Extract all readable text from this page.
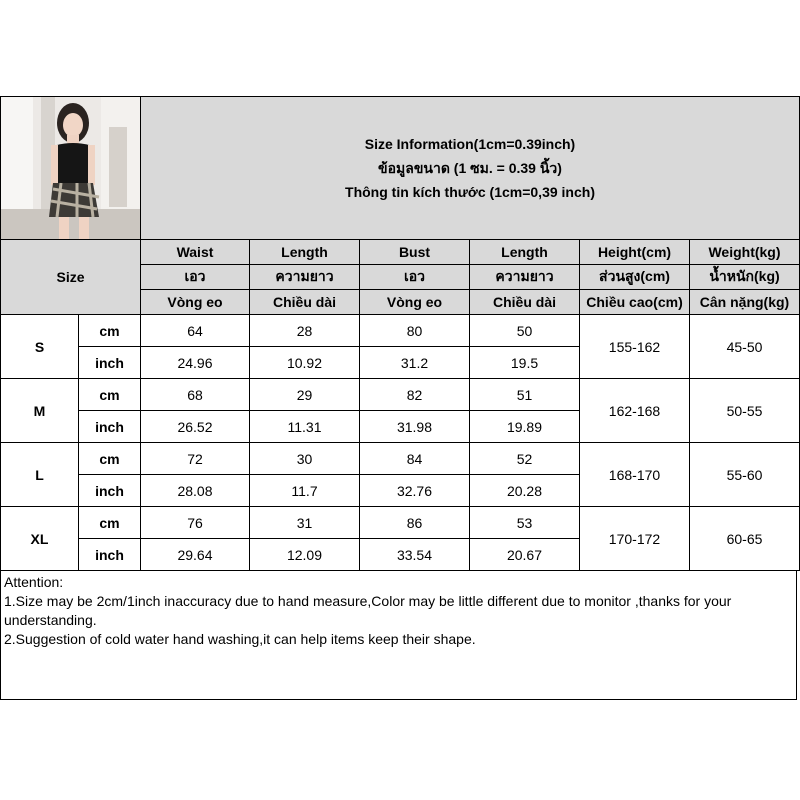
Size Information(1cm=0.39inch)
ข้อมูลขนาด (1 ซม. = 0.39 นิ้ว)
Thông tin kích thước (1cm=0,39 inch)					

Size		Waist	Length	Bust	Length	Height(cm)	Weight(kg)
		เอว	ความยาว	เอว	ความยาว	ส่วนสูง(cm)	น้ำหนัก(kg)
		Vòng eo	Chiều dài	Vòng eo	Chiều dài	Chiều cao(cm)	Cân nặng(kg)
S	cm	64	28	80	50	155-162	45-50
	inch	24.96	10.92	31.2	19.5		
M	cm	68	29	82	51	162-168	50-55
	inch	26.52	11.31	31.98	19.89		
L	cm	72	30	84	52	168-170	55-60
	inch	28.08	11.7	32.76	20.28		
XL	cm	76	31	86	53	170-172	60-65
	inch	29.64	12.09	33.54	20.67		
Attention:
1.Size may be 2cm/1inch inaccuracy due to hand measure,Color may be little different due to monitor ,thanks for your understanding.
2.Suggestion of cold water hand washing,it can help items keep their shape.
